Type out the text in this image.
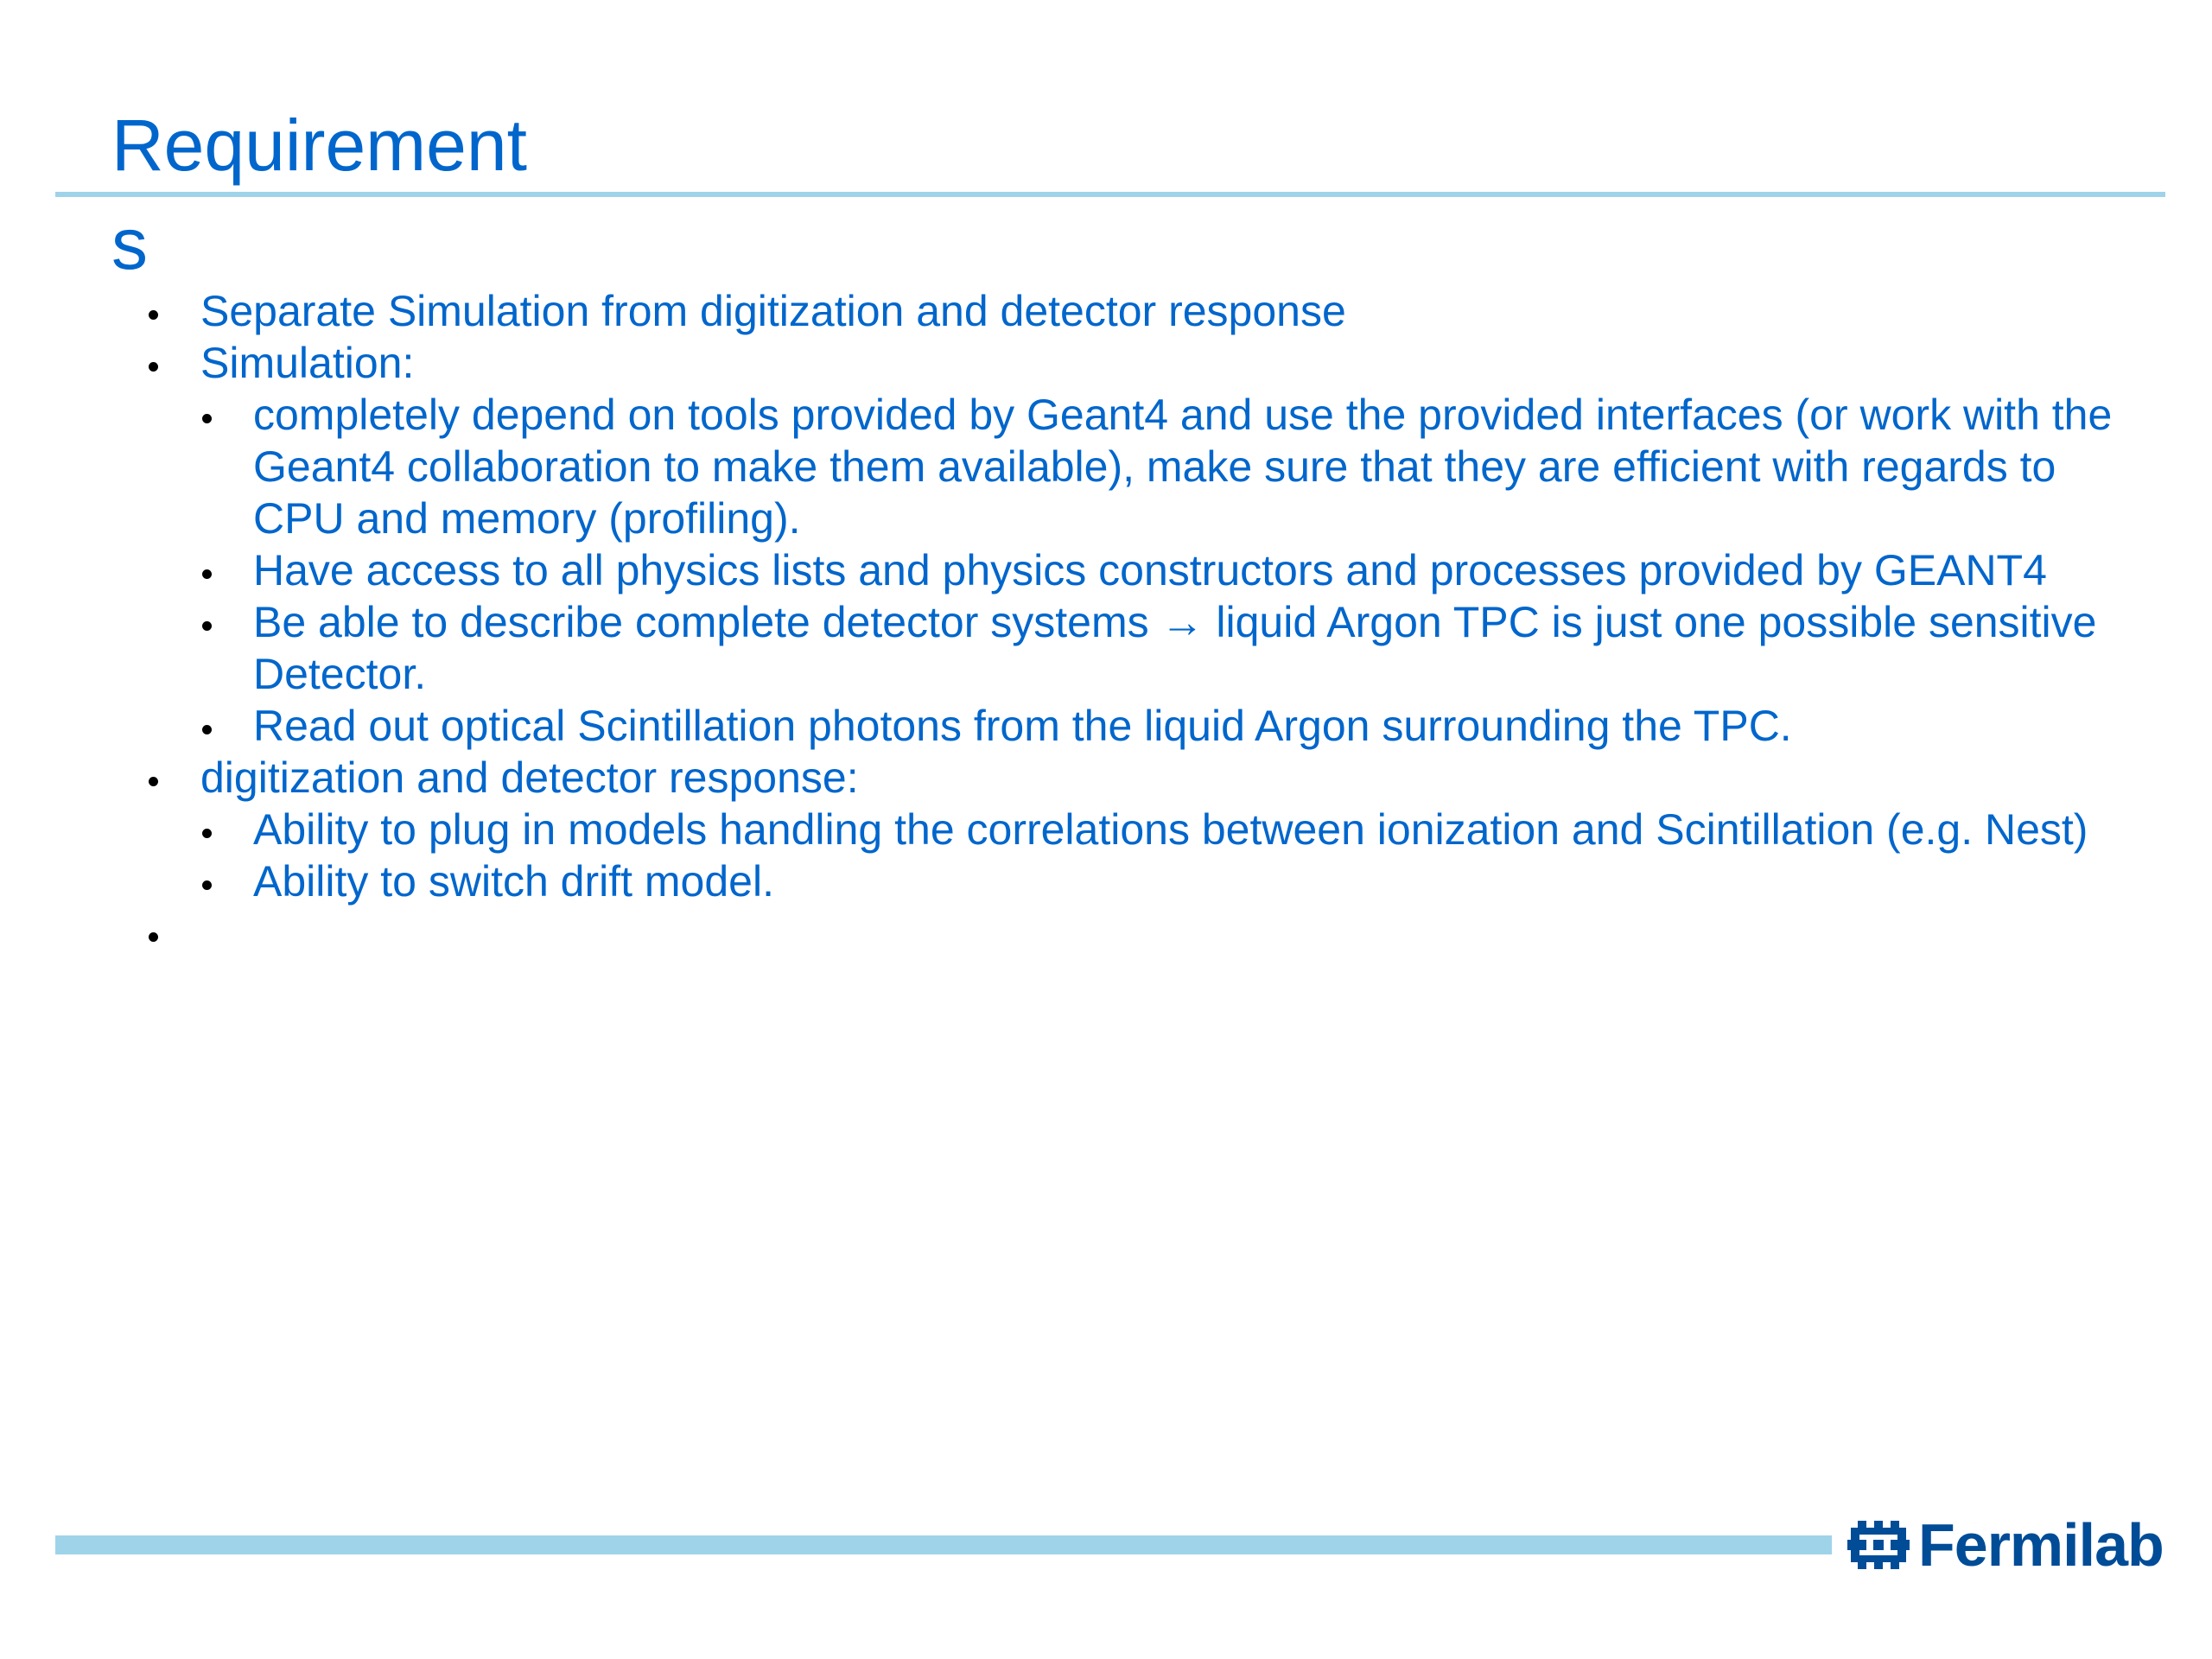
Requirement
s
Separate Simulation from digitization and detector response
Simulation:
completely depend on tools provided by Geant4 and use the provided interfaces (or work with the Geant4 collaboration to make them available), make sure that they are efficient with regards to CPU and memory (profiling).
Have access to all physics lists and physics constructors and processes provided by GEANT4
Be able to describe complete detector systems → liquid Argon TPC is just one possible sensitive Detector.
Read out optical Scintillation photons from the liquid Argon surrounding the TPC.
digitization and detector response:
Ability to plug in models handling the correlations between ionization and Scintillation (e.g. Nest)
Ability to switch drift model.
Fermilab
